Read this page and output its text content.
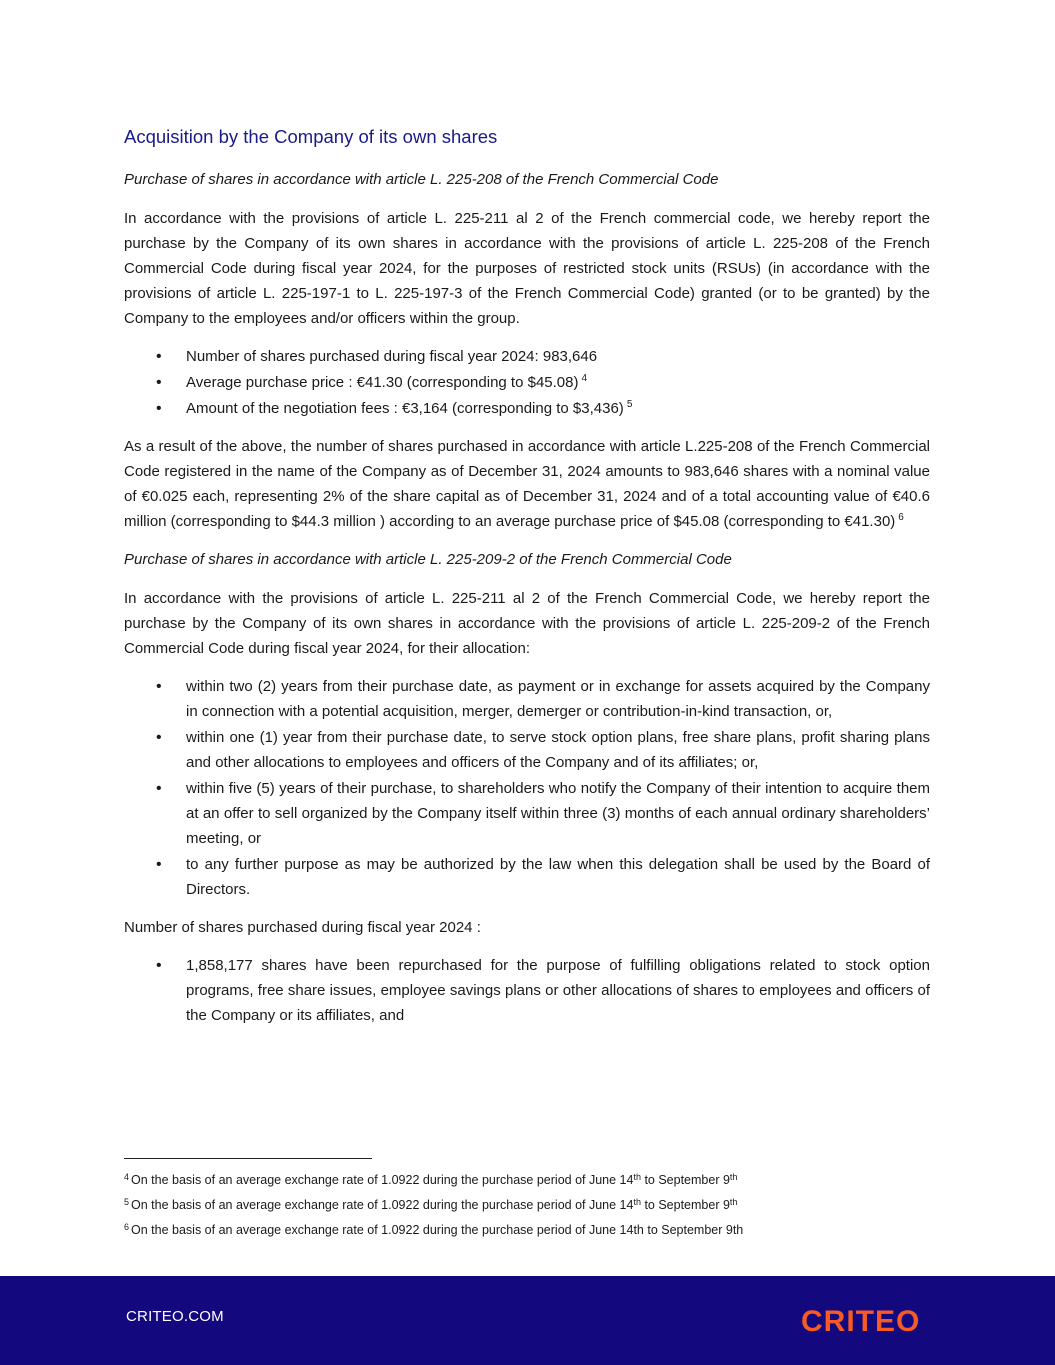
Acquisition by the Company of its own shares

Purchase of shares in accordance with article L. 225-208 of the French Commercial Code

In accordance with the provisions of article L. 225-211 al 2 of the French commercial code, we hereby report the purchase by the Company of its own shares in accordance with the provisions of article L. 225-208 of the French Commercial Code during fiscal year 2024, for the purposes of restricted stock units (RSUs) (in accordance with the provisions of article L. 225-197-1 to L. 225-197-3 of the French Commercial Code) granted (or to be granted) by the Company to the employees and/or officers within the group.

• Number of shares purchased during fiscal year 2024: 983,646
• Average purchase price : €41.30 (corresponding to $45.08) $^4$
• Amount of the negotiation fees : €3,164 (corresponding to $3,436) $^5$

As a result of the above, the number of shares purchased in accordance with article L.225-208 of the French Commercial Code registered in the name of the Company as of December 31, 2024 amounts to 983,646 shares with a nominal value of €0.025 each, representing 2% of the share capital as of December 31, 2024 and of a total accounting value of €40.6 million (corresponding to $44.3 million ) according to an average purchase price of $45.08 (corresponding to €41.30) $^6$

Purchase of shares in accordance with article L. 225-209-2 of the French Commercial Code

In accordance with the provisions of article L. 225-211 al 2 of the French Commercial Code, we hereby report the purchase by the Company of its own shares in accordance with the provisions of article L. 225-209-2 of the French Commercial Code during fiscal year 2024, for their allocation:

• within two (2) years from their purchase date, as payment or in exchange for assets acquired by the Company in connection with a potential acquisition, merger, demerger or contribution-in-kind transaction, or,
• within one (1) year from their purchase date, to serve stock option plans, free share plans, profit sharing plans and other allocations to employees and officers of the Company and of its affiliates; or,
• within five (5) years of their purchase, to shareholders who notify the Company of their intention to acquire them at an offer to sell organized by the Company itself within three (3) months of each annual ordinary shareholders’ meeting, or
• to any further purpose as may be authorized by the law when this delegation shall be used by the Board of Directors.

Number of shares purchased during fiscal year 2024 :

• 1,858,177 shares have been repurchased for the purpose of fulfilling obligations related to stock option programs, free share issues, employee savings plans or other allocations of shares to employees and officers of the Company or its affiliates, and

$^4$ On the basis of an average exchange rate of 1.0922 during the purchase period of June 14th to September 9th

$^5$ On the basis of an average exchange rate of 1.0922 during the purchase period of June 14th to September 9th

$^6$ On the basis of an average exchange rate of 1.0922 during the purchase period of June 14th to September 9th

CRITEO.COM	CRITEO
